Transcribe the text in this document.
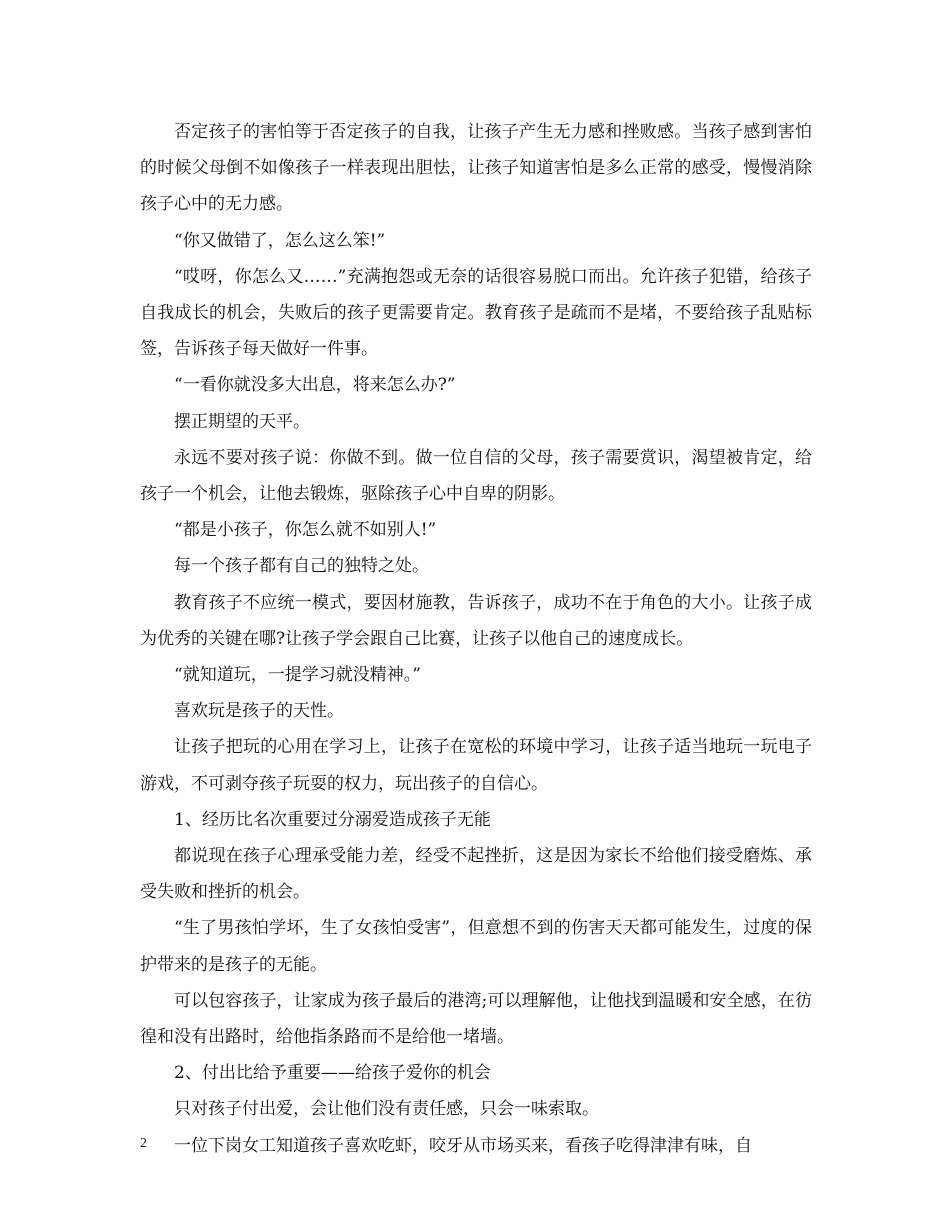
否定孩子的害怕等于否定孩子的自我，让孩子产生无力感和挫败感。当孩子感到害怕的时候父母倒不如像孩子一样表现出胆怯，让孩子知道害怕是多么正常的感受，慢慢消除孩子心中的无力感。

“你又做错了，怎么这么笨!”

“哎呀，你怎么又……”充满抱怨或无奈的话很容易脱口而出。允许孩子犯错，给孩子自我成长的机会，失败后的孩子更需要肯定。教育孩子是疏而不是堵，不要给孩子乱贴标签，告诉孩子每天做好一件事。

“一看你就没多大出息，将来怎么办?”

摆正期望的天平。

永远不要对孩子说：你做不到。做一位自信的父母，孩子需要赏识，渴望被肯定，给孩子一个机会，让他去锻炼，驱除孩子心中自卑的阴影。

“都是小孩子，你怎么就不如别人!”

每一个孩子都有自己的独特之处。

教育孩子不应统一模式，要因材施教，告诉孩子，成功不在于角色的大小。让孩子成为优秀的关键在哪?让孩子学会跟自己比赛，让孩子以他自己的速度成长。

“就知道玩，一提学习就没精神。”

喜欢玩是孩子的天性。

让孩子把玩的心用在学习上，让孩子在宽松的环境中学习，让孩子适当地玩一玩电子游戏，不可剥夺孩子玩耍的权力，玩出孩子的自信心。

1、经历比名次重要过分溺爱造成孩子无能

都说现在孩子心理承受能力差，经受不起挫折，这是因为家长不给他们接受磨炼、承受失败和挫折的机会。

“生了男孩怕学坏，生了女孩怕受害”，但意想不到的伤害天天都可能发生，过度的保护带来的是孩子的无能。

可以包容孩子，让家成为孩子最后的港湾;可以理解他，让他找到温暖和安全感，在彷徨和没有出路时，给他指条路而不是给他一堵墙。

2、付出比给予重要——给孩子爱你的机会

只对孩子付出爱，会让他们没有责任感，只会一味索取。

一位下岗女工知道孩子喜欢吃虾，咬牙从市场买来，看孩子吃得津津有味，自

2
